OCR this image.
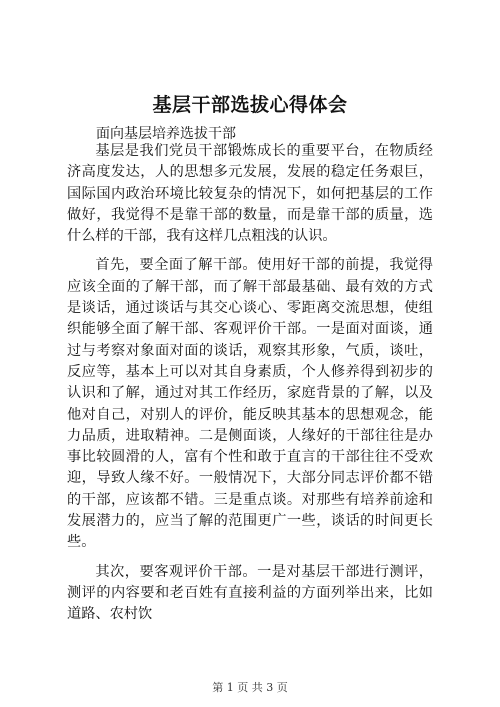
基层干部选拔心得体会
面向基层培养选拔干部

基层是我们党员干部锻炼成长的重要平台，在物质经济高度发达，人的思想多元发展，发展的稳定任务艰巨，国际国内政治环境比较复杂的情况下，如何把基层的工作做好，我觉得不是靠干部的数量，而是靠干部的质量，选什么样的干部，我有这样几点粗浅的认识。

首先，要全面了解干部。使用好干部的前提，我觉得应该全面的了解干部，而了解干部最基础、最有效的方式是谈话，通过谈话与其交心谈心、零距离交流思想，使组织能够全面了解干部、客观评价干部。一是面对面谈，通过与考察对象面对面的谈话，观察其形象，气质，谈吐，反应等，基本上可以对其自身素质，个人修养得到初步的认识和了解，通过对其工作经历，家庭背景的了解，以及他对自己，对别人的评价，能反映其基本的思想观念，能力品质，进取精神。二是侧面谈，人缘好的干部往往是办事比较圆滑的人，富有个性和敢于直言的干部往往不受欢迎，导致人缘不好。一般情况下，大部分同志评价都不错的干部，应该都不错。三是重点谈。对那些有培养前途和发展潜力的，应当了解的范围更广一些，谈话的时间更长些。

其次，要客观评价干部。一是对基层干部进行测评，测评的内容要和老百姓有直接利益的方面列举出来，比如道路、农村饮

第 1 页 共 3 页
